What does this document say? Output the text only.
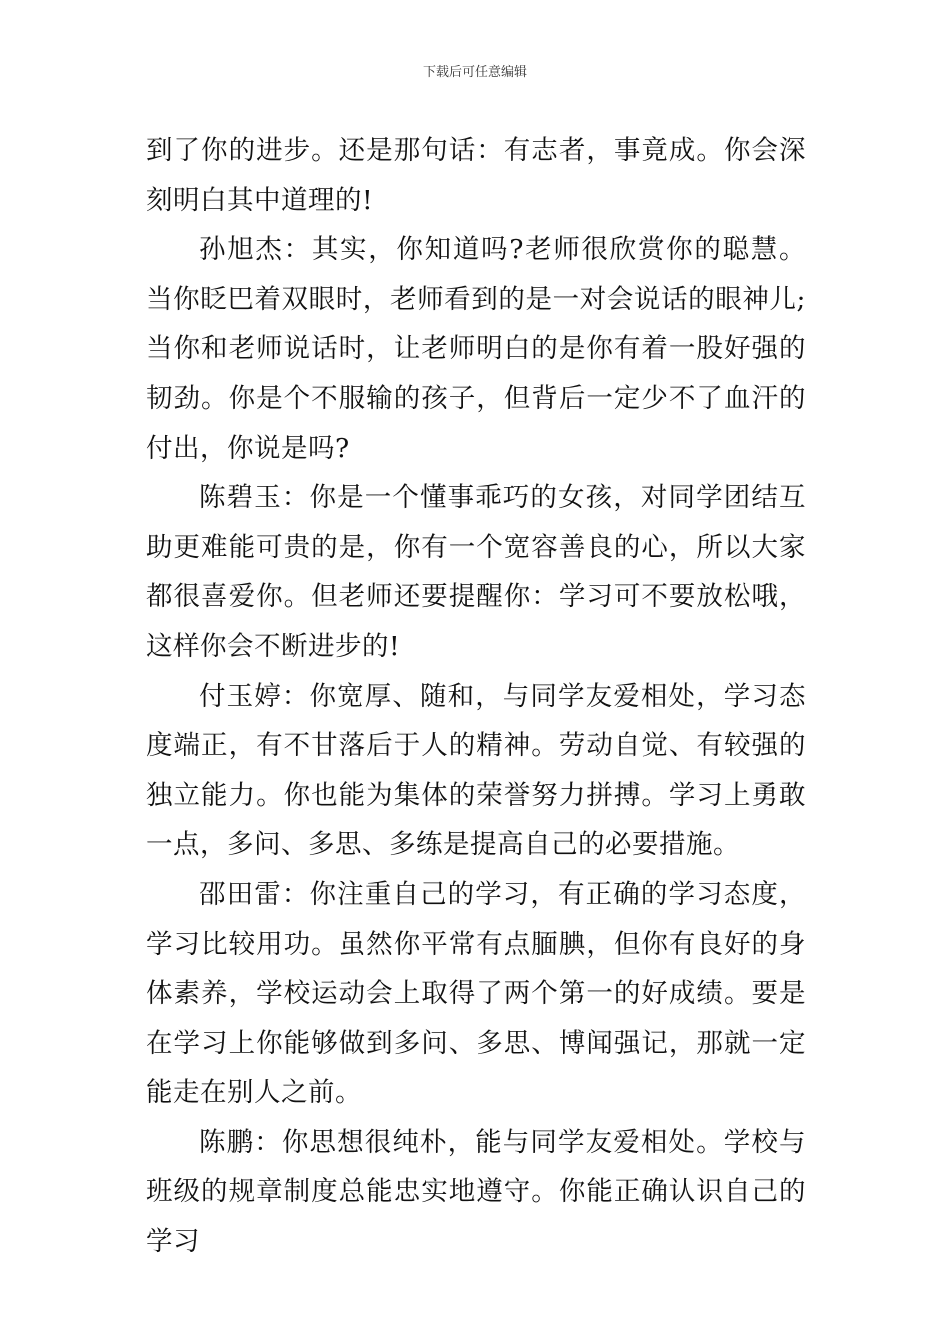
下载后可任意编辑

到了你的进步。还是那句话：有志者，事竟成。你会深刻明白其中道理的!

孙旭杰：其实，你知道吗?老师很欣赏你的聪慧。当你眨巴着双眼时，老师看到的是一对会说话的眼神儿;当你和老师说话时，让老师明白的是你有着一股好强的韧劲。你是个不服输的孩子，但背后一定少不了血汗的付出，你说是吗?

陈碧玉：你是一个懂事乖巧的女孩，对同学团结互助更难能可贵的是，你有一个宽容善良的心，所以大家都很喜爱你。但老师还要提醒你：学习可不要放松哦，这样你会不断进步的!

付玉婷：你宽厚、随和，与同学友爱相处，学习态度端正，有不甘落后于人的精神。劳动自觉、有较强的独立能力。你也能为集体的荣誉努力拼搏。学习上勇敢一点，多问、多思、多练是提高自己的必要措施。

邵田雷：你注重自己的学习，有正确的学习态度，学习比较用功。虽然你平常有点腼腆，但你有良好的身体素养，学校运动会上取得了两个第一的好成绩。要是在学习上你能够做到多问、多思、博闻强记，那就一定能走在别人之前。

陈鹏：你思想很纯朴，能与同学友爱相处。学校与班级的规章制度总能忠实地遵守。你能正确认识自己的学习
